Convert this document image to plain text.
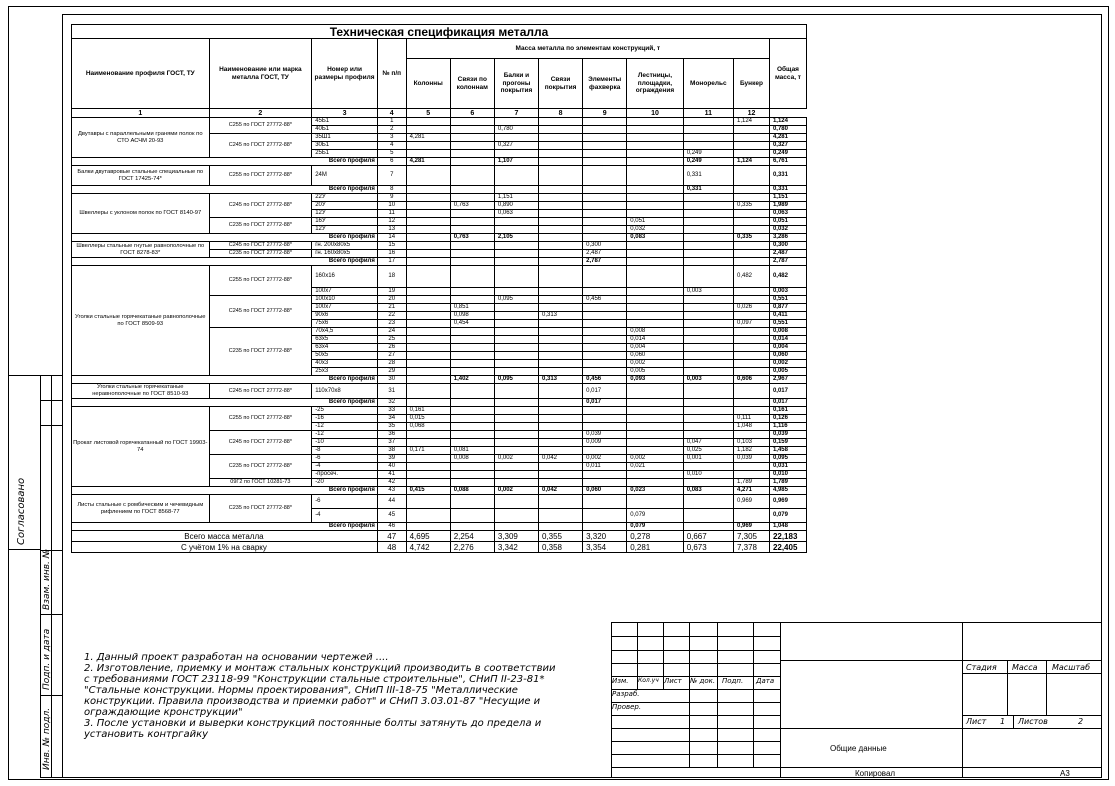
Согласовано
Взам. инв. №
Подп. и дата
Инв. № подл.
Техническая спецификация металла
Наименование профиля ГОСТ, ТУ	Наименование или марка металла ГОСТ, ТУ	Номер или размеры профиля	№ п/п	Масса металла по элементам конструкций, т								Общая масса, т
				Колонны	Связи по колоннам	Балки и прогоны покрытия	Связи покрытия	Элементы фахверка	Лестницы, площадки, ограждения	Монорельс	Бункер	
1	2	3	4	5	6	7	8	9	10	11	12
Двутавры с параллельными гранями полок по СТО АСЧМ 20-93	С255 по ГОСТ 27772-88*	45Б1	1								1,124	1,124
		40Б1	2			0,780						0,780
	С245 по ГОСТ 27772-88*	35Ш1	3	4,281								4,281
		30Б1	4			0,327						0,327
		25Б1	5							0,249		0,249
Всего профиля			6	4,281		1,107				0,249	1,124	6,761
Балки двутавровые стальные специальные по ГОСТ 17425-74*	С255 по ГОСТ 27772-88*	24М	7							0,331		0,331
Всего профиля			8							0,331		0,331
Швеллеры с уклоном полок по ГОСТ 8140-97	С245 по ГОСТ 27772-88*	22У	9			1,151						1,151
		20У	10		0,763	0,890					0,335	1,989
		12У	11			0,063						0,063
	С235 по ГОСТ 27772-88*	16У	12						0,051			0,051
		12У	13						0,032			0,032
Всего профиля			14		0,763	2,105			0,083		0,335	3,286
Швеллеры стальные гнутые равнополочные по ГОСТ 8278-83*	С245 по ГОСТ 27772-88*	гн. 200х80х5	15					0,300				0,300
	С235 по ГОСТ 27772-88*	гн. 160х80х5	16					2,487				2,487
Всего профиля			17					2,787				2,787
Уголки стальные горячекатаные равнополочные по ГОСТ 8509-93	С255 по ГОСТ 27772-88*	160х16	18								0,482	0,482
		100х7	19							0,003		0,003
	С245 по ГОСТ 27772-88*	100х10	20			0,095		0,456				0,551
		100х7	21		0,851						0,026	0,877
		90х6	22		0,098		0,313					0,411
		75х6	23		0,454						0,097	0,551
	С235 по ГОСТ 27772-88*	70х4,5	24						0,008			0,008
		63х5	25						0,014			0,014
		63х4	26						0,004			0,004
		50х5	27						0,060			0,060
		40х3	28						0,002			0,002
		25х3	29						0,005			0,005
Всего профиля			30		1,402	0,095	0,313	0,456	0,093	0,003	0,606	2,967
Уголки стальные горячекатаные неравнополочные по ГОСТ 8510-93	С245 по ГОСТ 27772-88*	110х70х8	31					0,017				0,017
Всего профиля			32					0,017				0,017
Прокат листовой горячекатанный по ГОСТ 19903-74	С255 по ГОСТ 27772-88*	-25	33	0,161								0,161
		-16	34	0,015							0,111	0,126
		-12	35	0,068							1,048	1,116
	С245 по ГОСТ 27772-88*	-12	36					0,039				0,039
		-10	37					0,009		0,047	0,103	0,159
		-8	38	0,171	0,081					0,025	1,182	1,458
	С235 по ГОСТ 27772-88*	-6	39		0,008	0,002	0,042	0,002	0,002	0,001	0,039	0,095
		-4	40					0,011	0,021			0,031
		-просеч.	41							0,010		0,010
	09Г2 по ГОСТ 10281-73	-20	42								1,789	1,789
Всего профиля			43	0,415	0,088	0,002	0,042	0,060	0,023	0,083	4,271	4,985
Листы стальные с ромбическим и чечевидным рифлением по ГОСТ 8568-77	С235 по ГОСТ 27772-88*	-6	44								0,969	0,969
		-4	45						0,079			0,079
Всего профиля			46						0,079		0,969	1,048
Всего масса металла			47	4,695	2,254	3,309	0,355	3,320	0,278	0,667	7,305	22,183
С учётом 1% на сварку			48	4,742	2,276	3,342	0,358	3,354	0,281	0,673	7,378	22,405

1. Данный проект разработан на основании чертежей ....

2. Изготовление, приемку и монтаж стальных конструкций производить в соответствии с требованиями ГОСТ 23118-99 "Конструкции стальные строительные", СНиП II-23-81* "Стальные конструкции. Нормы проектирования", СНиП III-18-75 "Металлические конструкции. Правила производства и приемки работ" и СНиП 3.03.01-87 "Несущие и ограждающие кронструкции"

3. После установки и выверки конструкций постоянные болты затянуть до предела и установить контргайку

Изм. Кол.уч Лист № док. Подп. Дата
Разраб.
Провер.
Стадия Масса Масштаб
Лист 1 Листов	2
Общие данные
Копировал	А3
